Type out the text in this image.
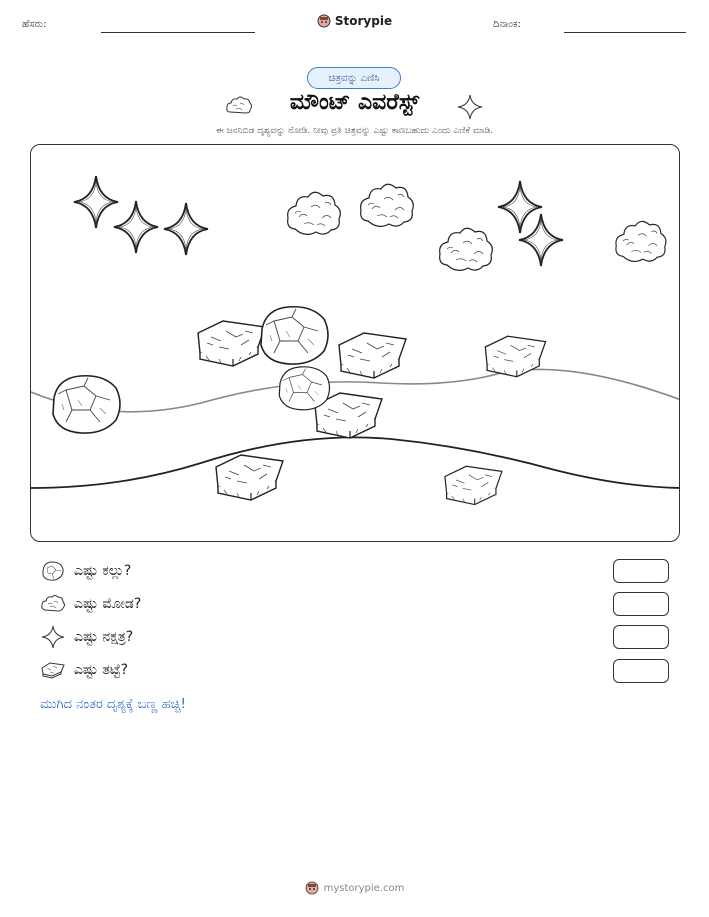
ಹೆಸರು:	Storypie	ದಿನಾಂಕ:
ಚಿತ್ರವನ್ನು ಎಣಿಸಿ
ಮೌಂಟ್ ಎವರೆಸ್ಟ್
ಈ ಜನನಿಬಿಡ ದೃಶ್ಯವನ್ನು ನೋಡಿ. ನೀವು ಪ್ರತಿ ಚಿತ್ರವನ್ನು ಎಷ್ಟು ಕಾಣಬಹುದು ಎಂದು ಎಣಿಕೆ ಮಾಡಿ.
ಎಷ್ಟು ಕಲ್ಲು?
ಎಷ್ಟು ಮೋಡ?
ಎಷ್ಟು ನಕ್ಷತ್ರ?
ಎಷ್ಟು ತಟ್ಟೆ?
ಮುಗಿದ ನಂತರ ದೃಶ್ಯಕ್ಕೆ ಬಣ್ಣ ಹಚ್ಚಿ!
mystorypie.com
